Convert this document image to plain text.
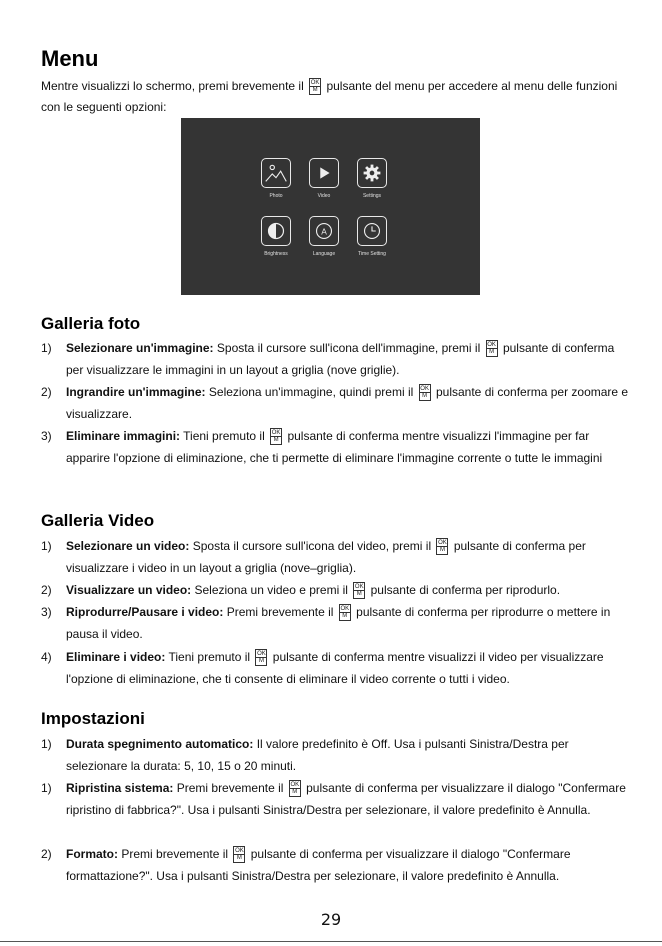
Menu
Mentre visualizzi lo schermo, premi brevemente il $\frac{OK}{M}$ pulsante del menu per accedere al menu delle funzioni con le seguenti opzioni:
Photo	Video	Settings
Brightness
A
Language	Time Setting
Galleria foto
1) Selezionare un'immagine: Sposta il cursore sull'icona dell'immagine, premi il $\frac{OK}{M}$ pulsante di conferma per visualizzare le immagini in un layout a griglia (nove griglie).
2) Ingrandire un'immagine: Seleziona un'immagine, quindi premi il $\frac{OK}{M}$ pulsante di conferma per zoomare e visualizzare.
3) Eliminare immagini: Tieni premuto il $\frac{OK}{M}$ pulsante di conferma mentre visualizzi l'immagine per far apparire l'opzione di eliminazione, che ti permette di eliminare l'immagine corrente o tutte le immagini
Galleria Video
1) Selezionare un video: Sposta il cursore sull'icona del video, premi il $\frac{OK}{M}$ pulsante di conferma per visualizzare i video in un layout a griglia (nove–griglia).
2) Visualizzare un video: Seleziona un video e premi il $\frac{OK}{M}$ pulsante di conferma per riprodurlo.
3) Riprodurre/Pausare i video: Premi brevemente il $\frac{OK}{M}$ pulsante di conferma per riprodurre o mettere in pausa il video.
4) Eliminare i video: Tieni premuto il $\frac{OK}{M}$ pulsante di conferma mentre visualizzi il video per visualizzare l'opzione di eliminazione, che ti consente di eliminare il video corrente o tutti i video.
Impostazioni
1) Durata spegnimento automatico: Il valore predefinito è Off. Usa i pulsanti Sinistra/Destra per selezionare la durata: 5, 10, 15 o 20 minuti.
1) Ripristina sistema: Premi brevemente il $\frac{OK}{M}$ pulsante di conferma per visualizzare il dialogo "Confermare ripristino di fabbrica?". Usa i pulsanti Sinistra/Destra per selezionare, il valore predefinito è Annulla.
2) Formato: Premi brevemente il $\frac{OK}{M}$ pulsante di conferma per visualizzare il dialogo "Confermare formattazione?". Usa i pulsanti Sinistra/Destra per selezionare, il valore predefinito è Annulla.
29
